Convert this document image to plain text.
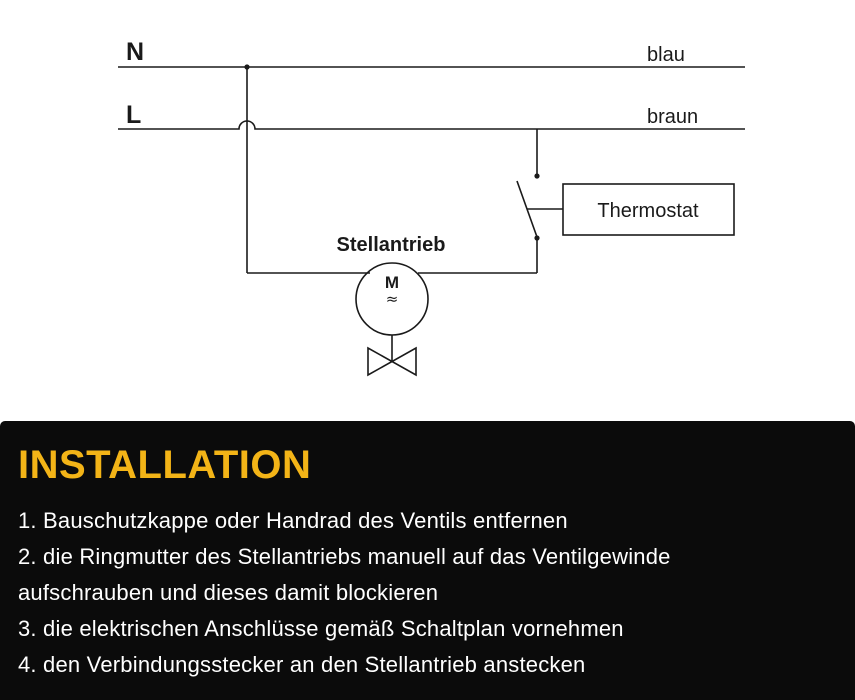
N
L
blau
braun
Thermostat
Stellantrieb
M
≈
INSTALLATION
1. Bauschutzkappe oder Handrad des Ventils entfernen
2. die Ringmutter des Stellantriebs manuell auf das Ventilgewinde
aufschrauben und dieses damit blockieren
3. die elektrischen Anschlüsse gemäß Schaltplan vornehmen
4. den Verbindungsstecker an den Stellantrieb anstecken
